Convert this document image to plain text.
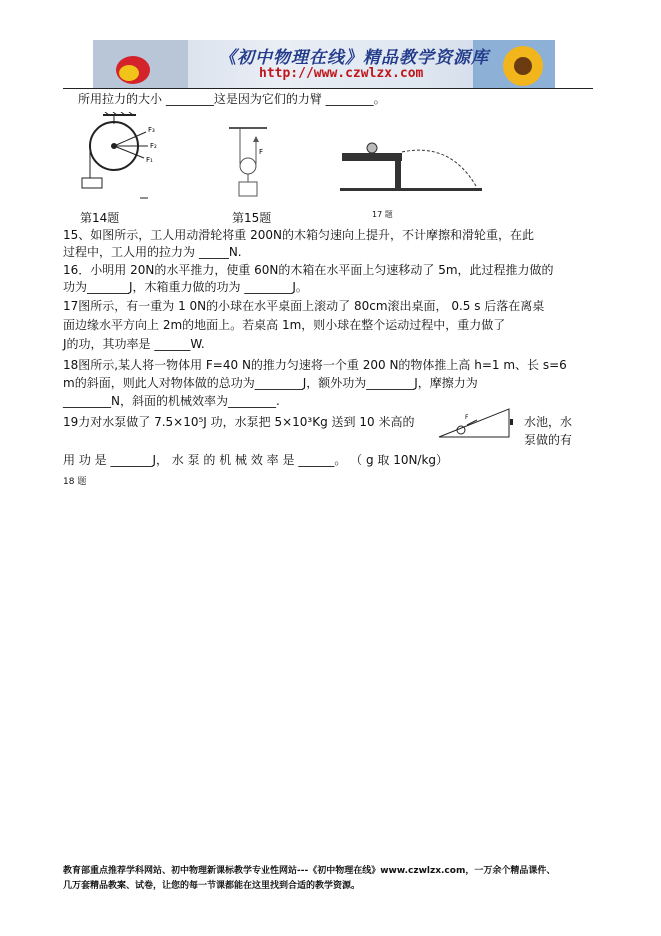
《初中物理在线》精品教学资源库
http://www.czwlzx.com
所用拉力的大小 ________这是因为它们的力臂 ________。
F₃
F₂
F₁
F
第14题	第15题	17 题
15、如图所示，工人用动滑轮将重 200N的木箱匀速向上提升，不计摩擦和滑轮重，在此
过程中，工人用的拉力为 _____N.
16．小明用 20N的水平推力，使重 60N的木箱在水平面上匀速移动了 5m，此过程推力做的
功为_______J，木箱重力做的功为 ________J。
17图所示，有一重为 1 0N的小球在水平桌面上滚动了 80cm滚出桌面， 0.5 s 后落在离桌
面边缘水平方向上 2m的地面上。若桌高 1m，则小球在整个运动过程中，重力做了
J的功，其功率是 ______W.
18图所示,某人将一物体用 F=40 N的推力匀速将一个重 200 N的物体推上高 h=1 m、长 s=6
m的斜面，则此人对物体做的总功为________J，额外功为________J，摩擦力为
________N，斜面的机械效率为________.
19力对水泵做了 7.5×10⁵J 功，水泵把 5×10³Kg 送到 10 米高的	F	水池，水
泵做的有
用 功 是 _______J， 水 泵 的 机 械 效 率 是 ______。 （ g 取 10N/kg）
18 题
教育部重点推荐学科网站、初中物理新课标教学专业性网站---《初中物理在线》www.czwlzx.com，一万余个精品课件、
几万套精品教案、试卷，让您的每一节课都能在这里找到合适的教学资源。
